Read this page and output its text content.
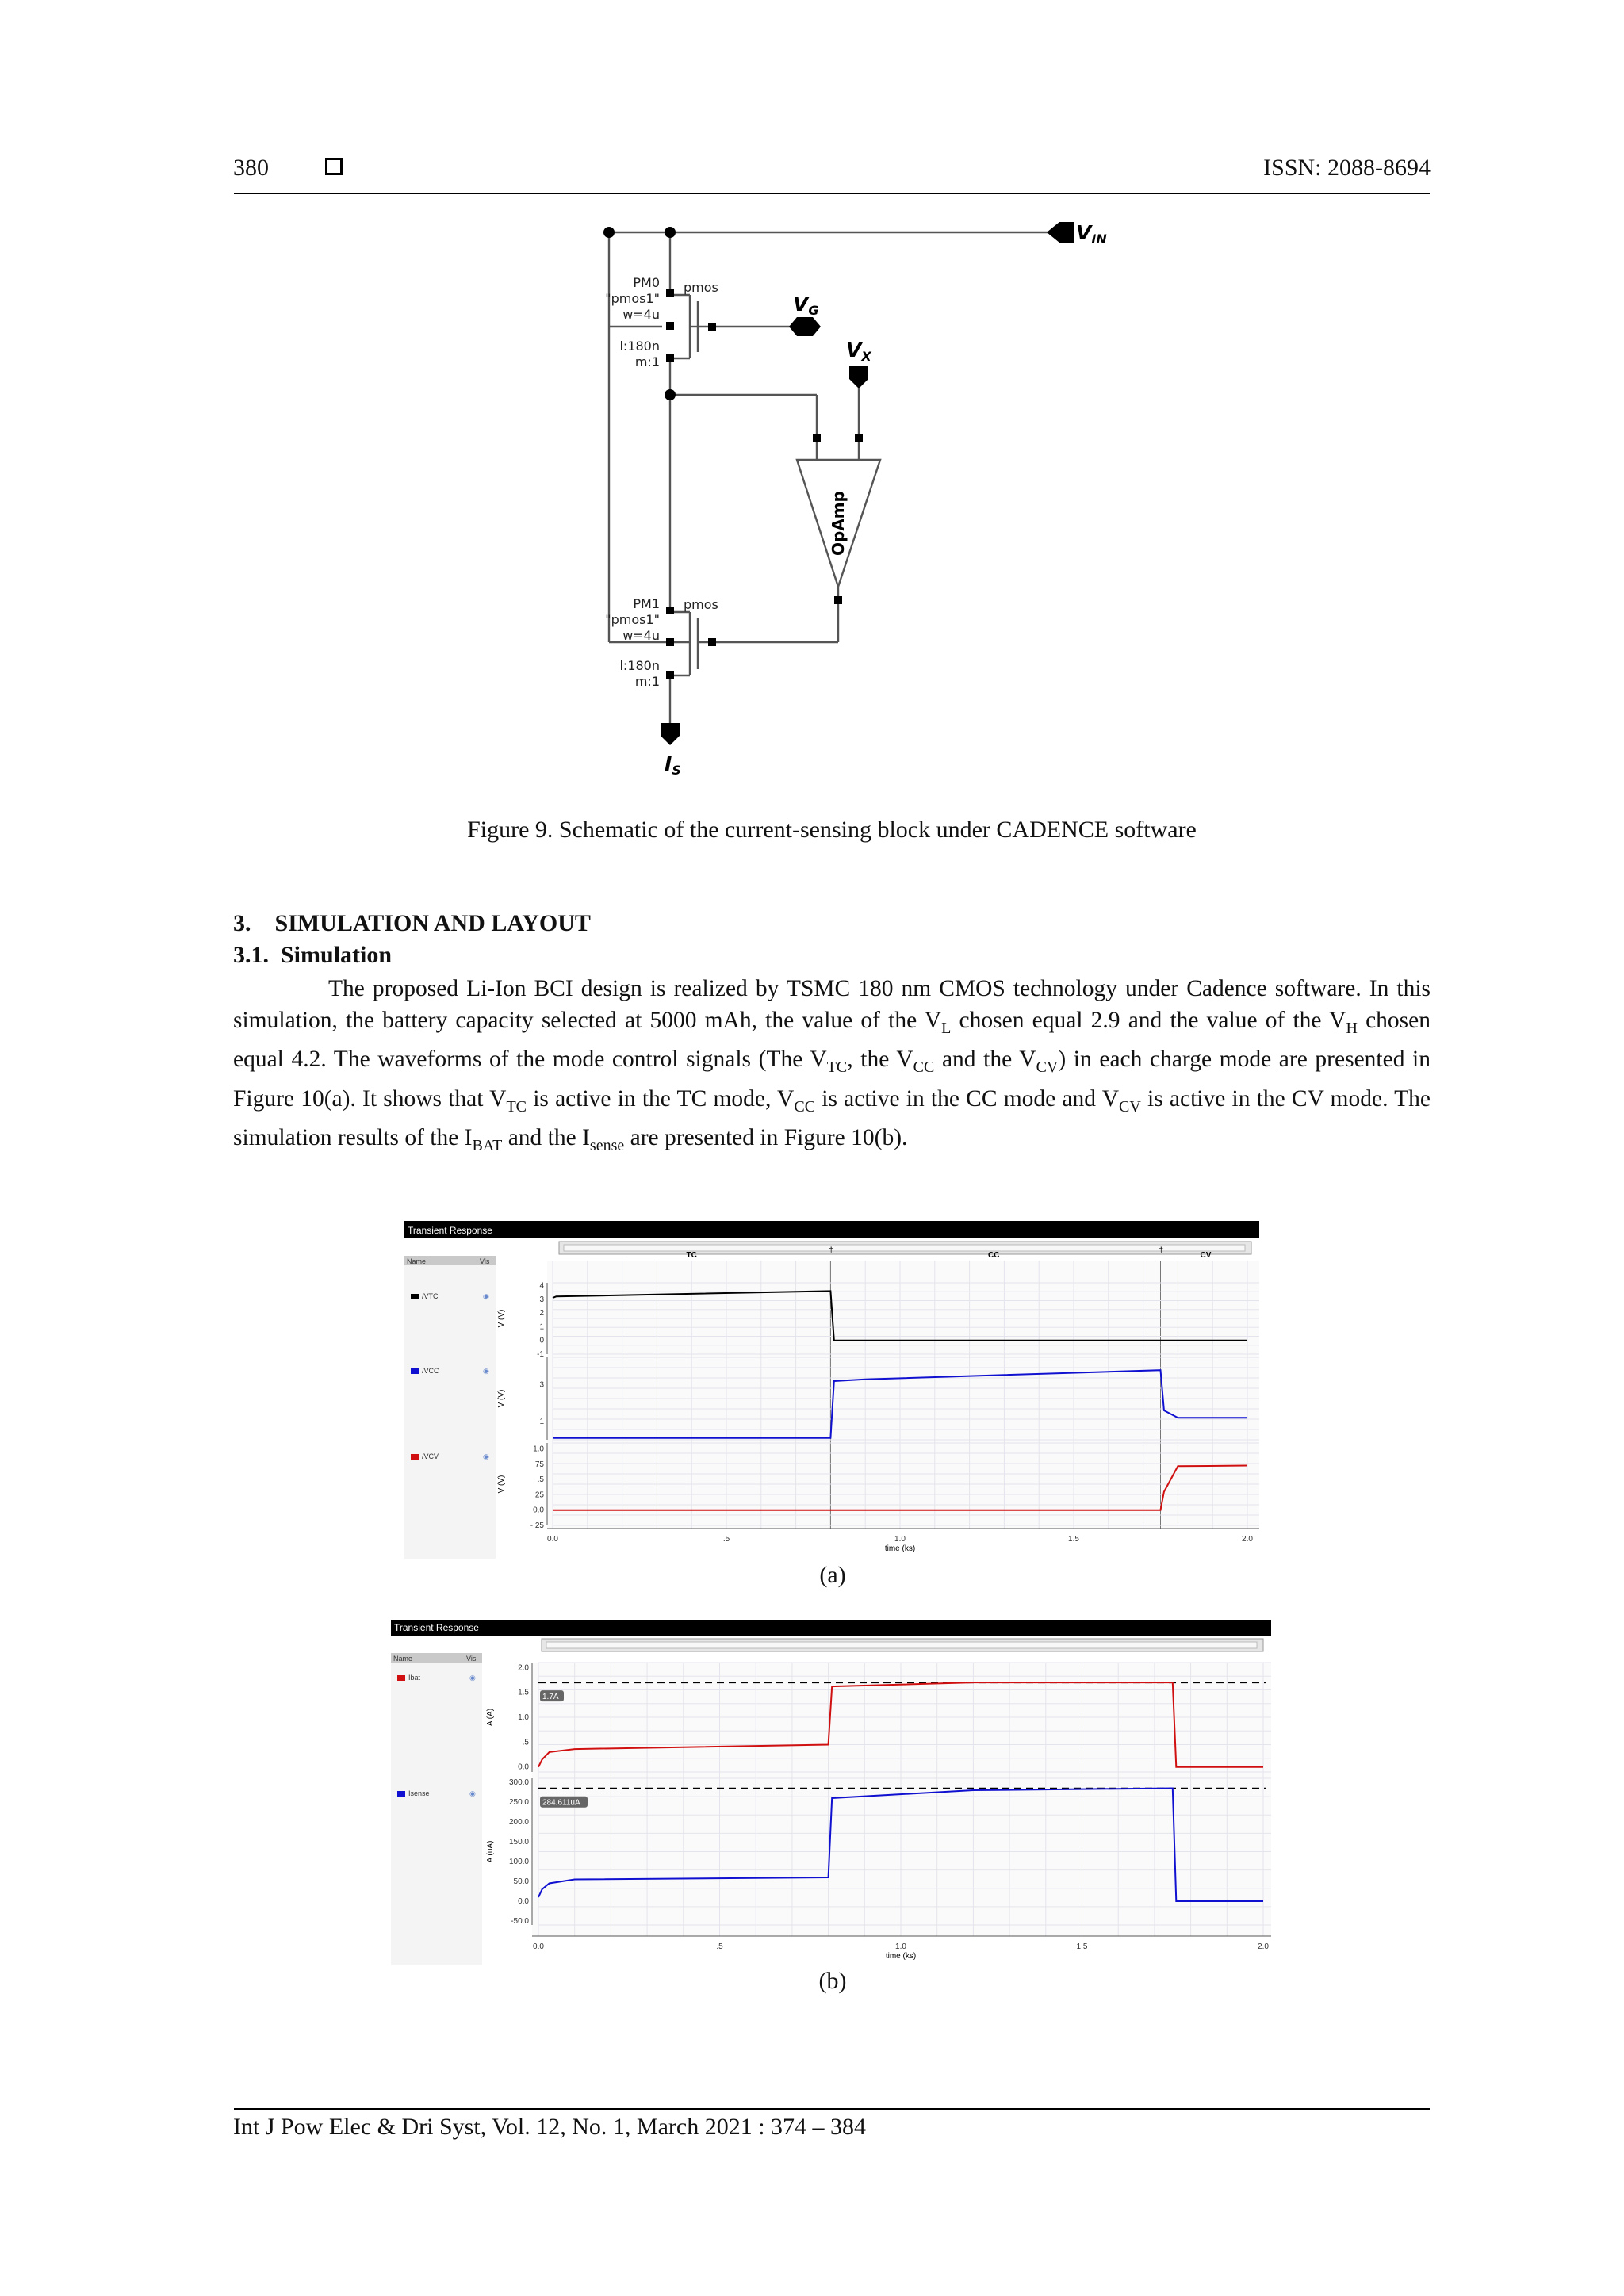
380	ISSN: 2088-8694
$V_{IN}$
$V_G$
$V_X$
$I_S$
OpAmp
PM0
"pmos1"
w=4u
l:180n
m:1
pmos
PM1
"pmos1"
w=4u
l:180n
m:1
pmos
Figure 9. Schematic of the current-sensing block under CADENCE software
3. SIMULATION AND LAYOUT
3.1. Simulation

The proposed Li-Ion BCI design is realized by TSMC 180 nm CMOS technology under Cadence software. In this simulation, the battery capacity selected at 5000 mAh, the value of the $V_L$ chosen equal 2.9 and the value of the $V_H$ chosen equal 4.2. The waveforms of the mode control signals (The $V_{TC}$, the $V_{CC}$ and the $V_{CV}$) in each charge mode are presented in Figure 10(a). It shows that $V_{TC}$ is active in the TC mode, $V_{CC}$ is active in the CC mode and $V_{CV}$ is active in the CV mode. The simulation results of the $I_{BAT}$ and the $I_{sense}$ are presented in Figure 10(b).

Transient Response
Name	Vis
TC	CC	CV
†	†
4
3
2
1
0
-1
V (V)
/VTC	◉
3
1
V (V)
/VCC	◉
1.0
.75
.5
.25
0.0
-.25
V (V)
/VCV	◉
0.0	.5	1.0	1.5	2.0
time (ks)
(a)
Transient Response
Name	Vis
2.0
1.5
1.0
.5
0.0
A (A)
Ibat	◉
1.7A
300.0
250.0
200.0
150.0
100.0
50.0
0.0
-50.0
A (uA)
Isense	◉
284.611uA
0.0	.5	1.0	1.5	2.0
time (ks)
(b)
Int J Pow Elec & Dri Syst, Vol. 12, No. 1, March 2021 : 374 – 384
